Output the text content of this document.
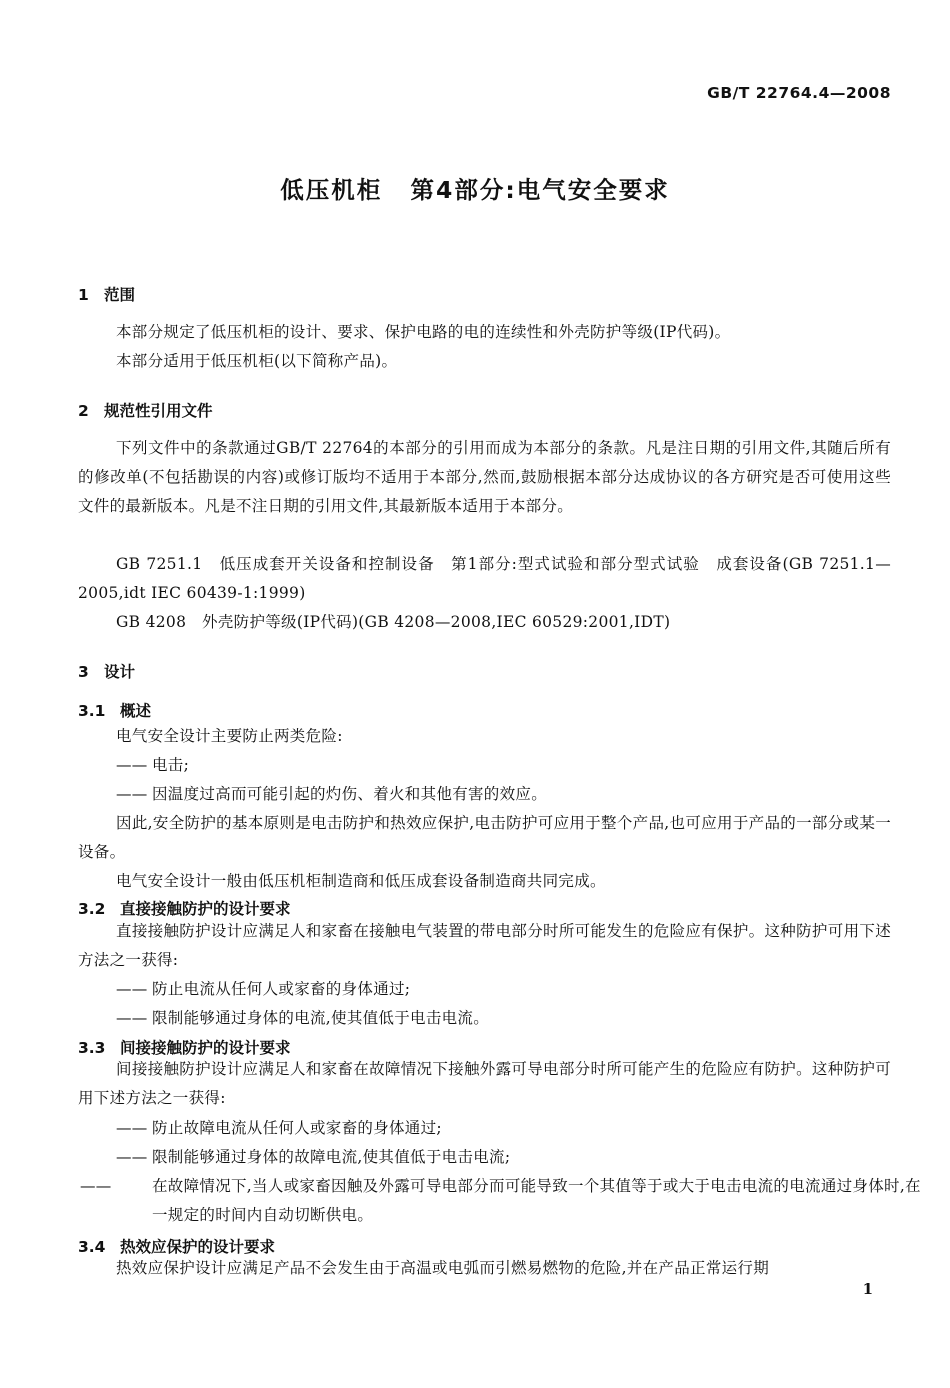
GB/T 22764.4—2008

低压机柜 第4部分:电气安全要求
1 范围

本部分规定了低压机柜的设计、要求、保护电路的电的连续性和外壳防护等级(IP代码)。

本部分适用于低压机柜(以下简称产品)。

2 规范性引用文件

下列文件中的条款通过GB/T 22764的本部分的引用而成为本部分的条款。凡是注日期的引用文件,其随后所有的修改单(不包括勘误的内容)或修订版均不适用于本部分,然而,鼓励根据本部分达成协议的各方研究是否可使用这些文件的最新版本。凡是不注日期的引用文件,其最新版本适用于本部分。

GB 7251.1　低压成套开关设备和控制设备　第1部分:型式试验和部分型式试验　成套设备(GB 7251.1—2005,idt IEC 60439-1:1999)

GB 4208　外壳防护等级(IP代码)(GB 4208—2008,IEC 60529:2001,IDT)

3 设计
3.1 概述

电气安全设计主要防止两类危险:

—— 电击;

—— 因温度过高而可能引起的灼伤、着火和其他有害的效应。

因此,安全防护的基本原则是电击防护和热效应保护,电击防护可应用于整个产品,也可应用于产品的一部分或某一设备。

电气安全设计一般由低压机柜制造商和低压成套设备制造商共同完成。

3.2 直接接触防护的设计要求

直接接触防护设计应满足人和家畜在接触电气装置的带电部分时所可能发生的危险应有保护。这种防护可用下述方法之一获得:

—— 防止电流从任何人或家畜的身体通过;

—— 限制能够通过身体的电流,使其值低于电击电流。

3.3 间接接触防护的设计要求

间接接触防护设计应满足人和家畜在故障情况下接触外露可导电部分时所可能产生的危险应有防护。这种防护可用下述方法之一获得:

—— 防止故障电流从任何人或家畜的身体通过;

—— 限制能够通过身体的故障电流,使其值低于电击电流;

——	在故障情况下,当人或家畜因触及外露可导电部分而可能导致一个其值等于或大于电击电流的电流通过身体时,在一规定的时间内自动切断供电。

3.4 热效应保护的设计要求

热效应保护设计应满足产品不会发生由于高温或电弧而引燃易燃物的危险,并在产品正常运行期

1
